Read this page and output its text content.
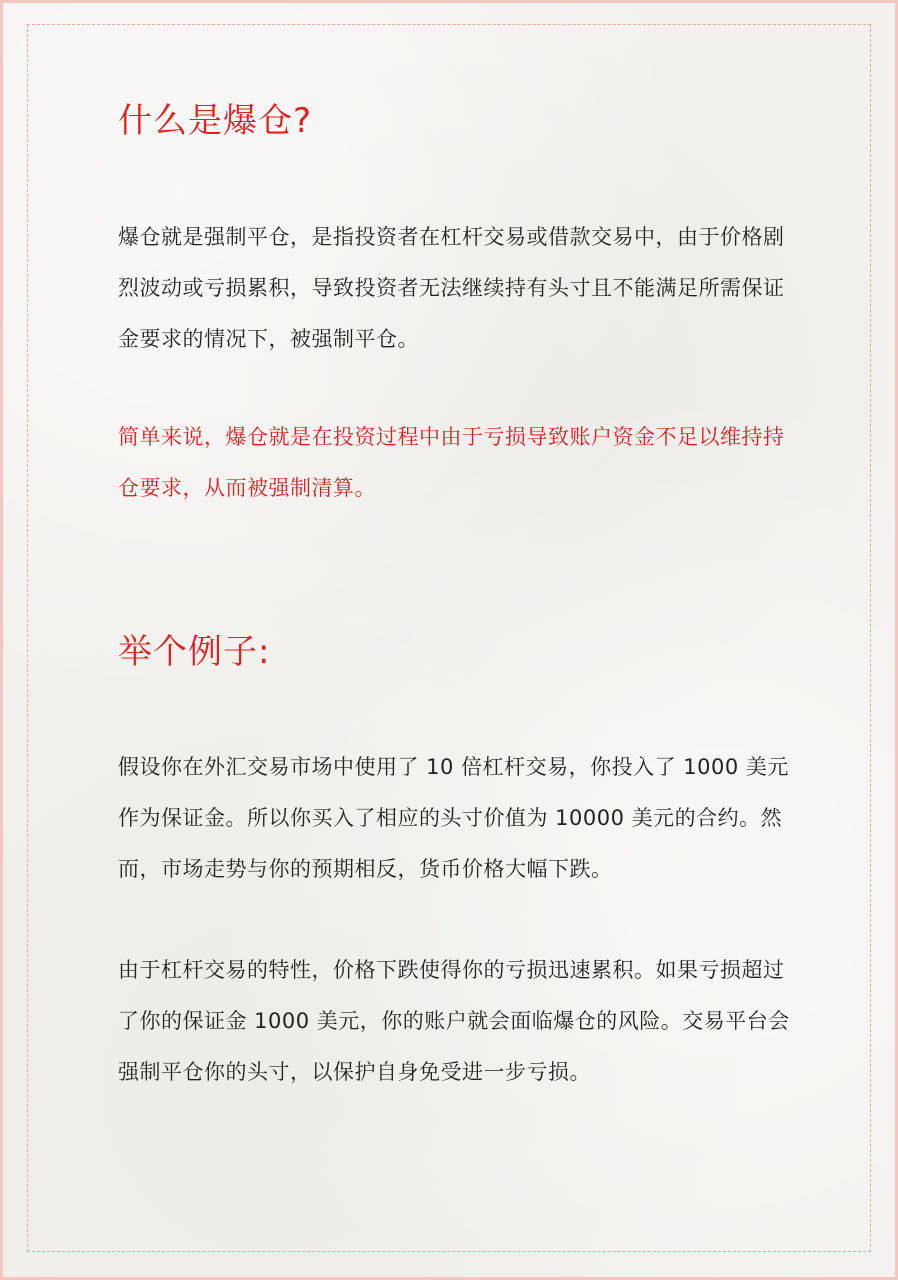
什么是爆仓?

爆仓就是强制平仓，是指投资者在杠杆交易或借款交易中，由于价格剧烈波动或亏损累积，导致投资者无法继续持有头寸且不能满足所需保证金要求的情况下，被强制平仓。

简单来说，爆仓就是在投资过程中由于亏损导致账户资金不足以维持持仓要求，从而被强制清算。

举个例子:

假设你在外汇交易市场中使用了 10 倍杠杆交易，你投入了 1000 美元作为保证金。所以你买入了相应的头寸价值为 10000 美元的合约。然而，市场走势与你的预期相反，货币价格大幅下跌。

由于杠杆交易的特性，价格下跌使得你的亏损迅速累积。如果亏损超过了你的保证金 1000 美元，你的账户就会面临爆仓的风险。交易平台会强制平仓你的头寸，以保护自身免受进一步亏损。
